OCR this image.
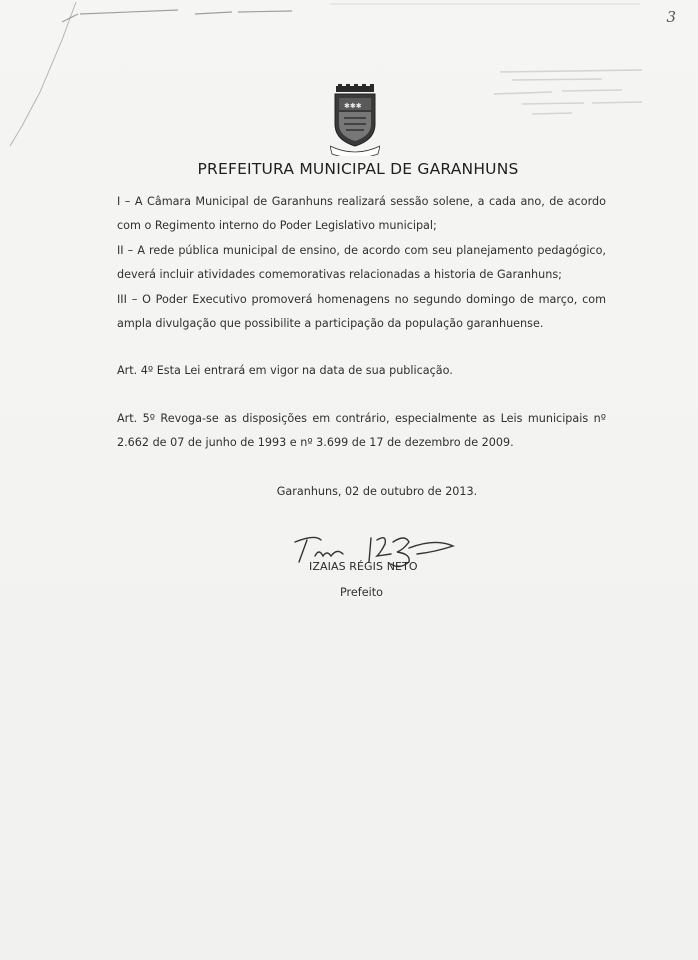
3
✱✱✱
PREFEITURA MUNICIPAL DE GARANHUNS

I – A Câmara Municipal de Garanhuns realizará sessão solene, a cada ano, de acordo com o Regimento interno do Poder Legislativo municipal;

II – A rede pública municipal de ensino, de acordo com seu planejamento pedagógico, deverá incluir atividades comemorativas relacionadas a historia de Garanhuns;

III – O Poder Executivo promoverá homenagens no segundo domingo de março, com ampla divulgação que possibilite a participação da população garanhuense.

Art. 4º Esta Lei entrará em vigor na data de sua publicação.

Art. 5º Revoga-se as disposições em contrário, especialmente as Leis municipais nº 2.662 de 07 de junho de 1993 e nº 3.699 de 17 de dezembro de 2009.

Garanhuns, 02 de outubro de 2013.
IZAIAS RÉGIS NETO
Prefeito
